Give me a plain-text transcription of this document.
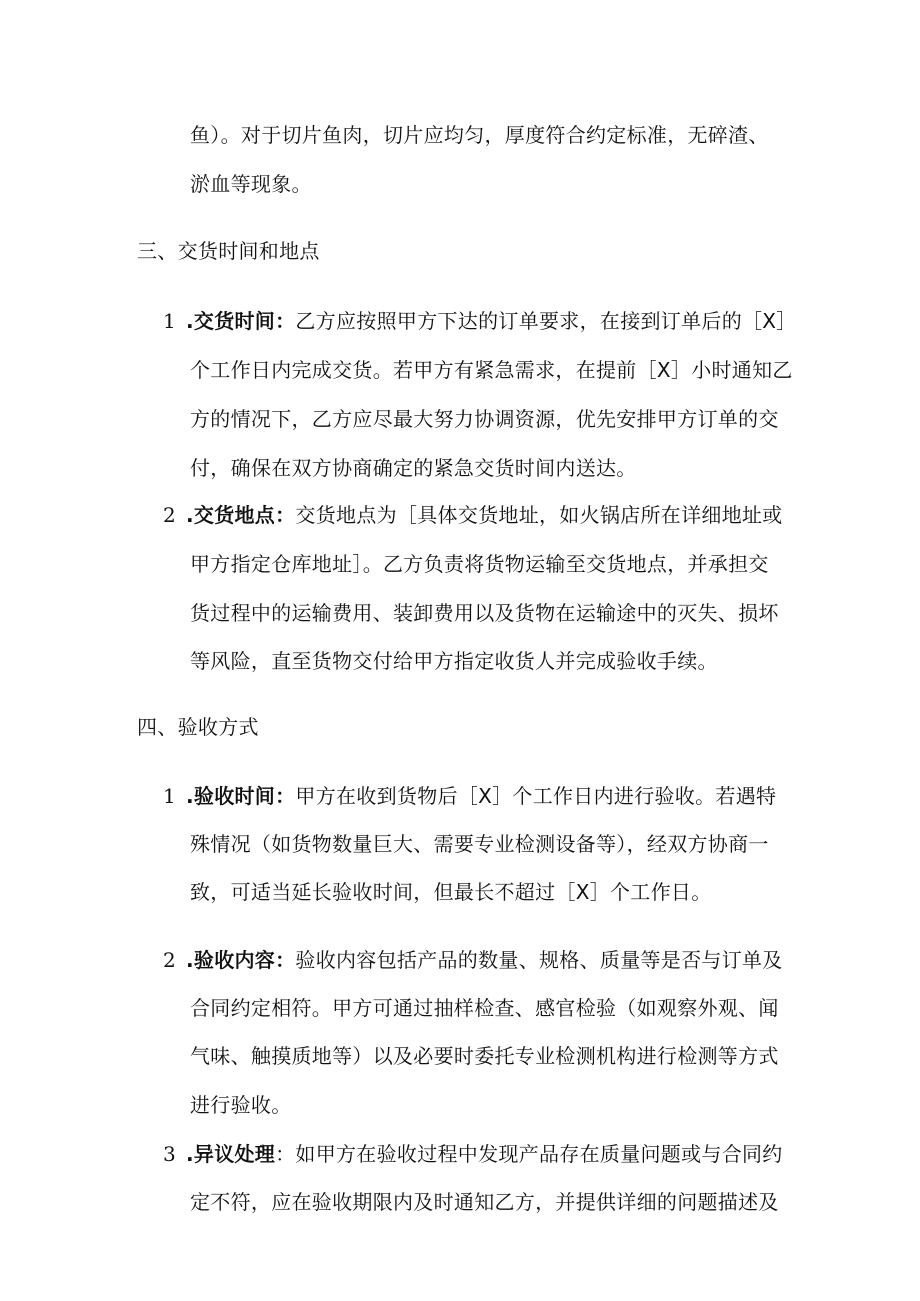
鱼）。对于切片鱼肉，切片应均匀，厚度符合约定标准，无碎渣、
淤血等现象。
三、交货时间和地点
1 .交货时间：乙方应按照甲方下达的订单要求，在接到订单后的［X］
个工作日内完成交货。若甲方有紧急需求，在提前［X］小时通知乙
方的情况下，乙方应尽最大努力协调资源，优先安排甲方订单的交
付，确保在双方协商确定的紧急交货时间内送达。
2 .交货地点：交货地点为［具体交货地址，如火锅店所在详细地址或
甲方指定仓库地址］。乙方负责将货物运输至交货地点，并承担交
货过程中的运输费用、装卸费用以及货物在运输途中的灭失、损坏
等风险，直至货物交付给甲方指定收货人并完成验收手续。
四、验收方式
1 .验收时间：甲方在收到货物后［X］个工作日内进行验收。若遇特
殊情况（如货物数量巨大、需要专业检测设备等），经双方协商一
致，可适当延长验收时间，但最长不超过［X］个工作日。
2 .验收内容：验收内容包括产品的数量、规格、质量等是否与订单及
合同约定相符。甲方可通过抽样检查、感官检验（如观察外观、闻
气味、触摸质地等）以及必要时委托专业检测机构进行检测等方式
进行验收。
3 .异议处理：如甲方在验收过程中发现产品存在质量问题或与合同约
定不符，应在验收期限内及时通知乙方，并提供详细的问题描述及
